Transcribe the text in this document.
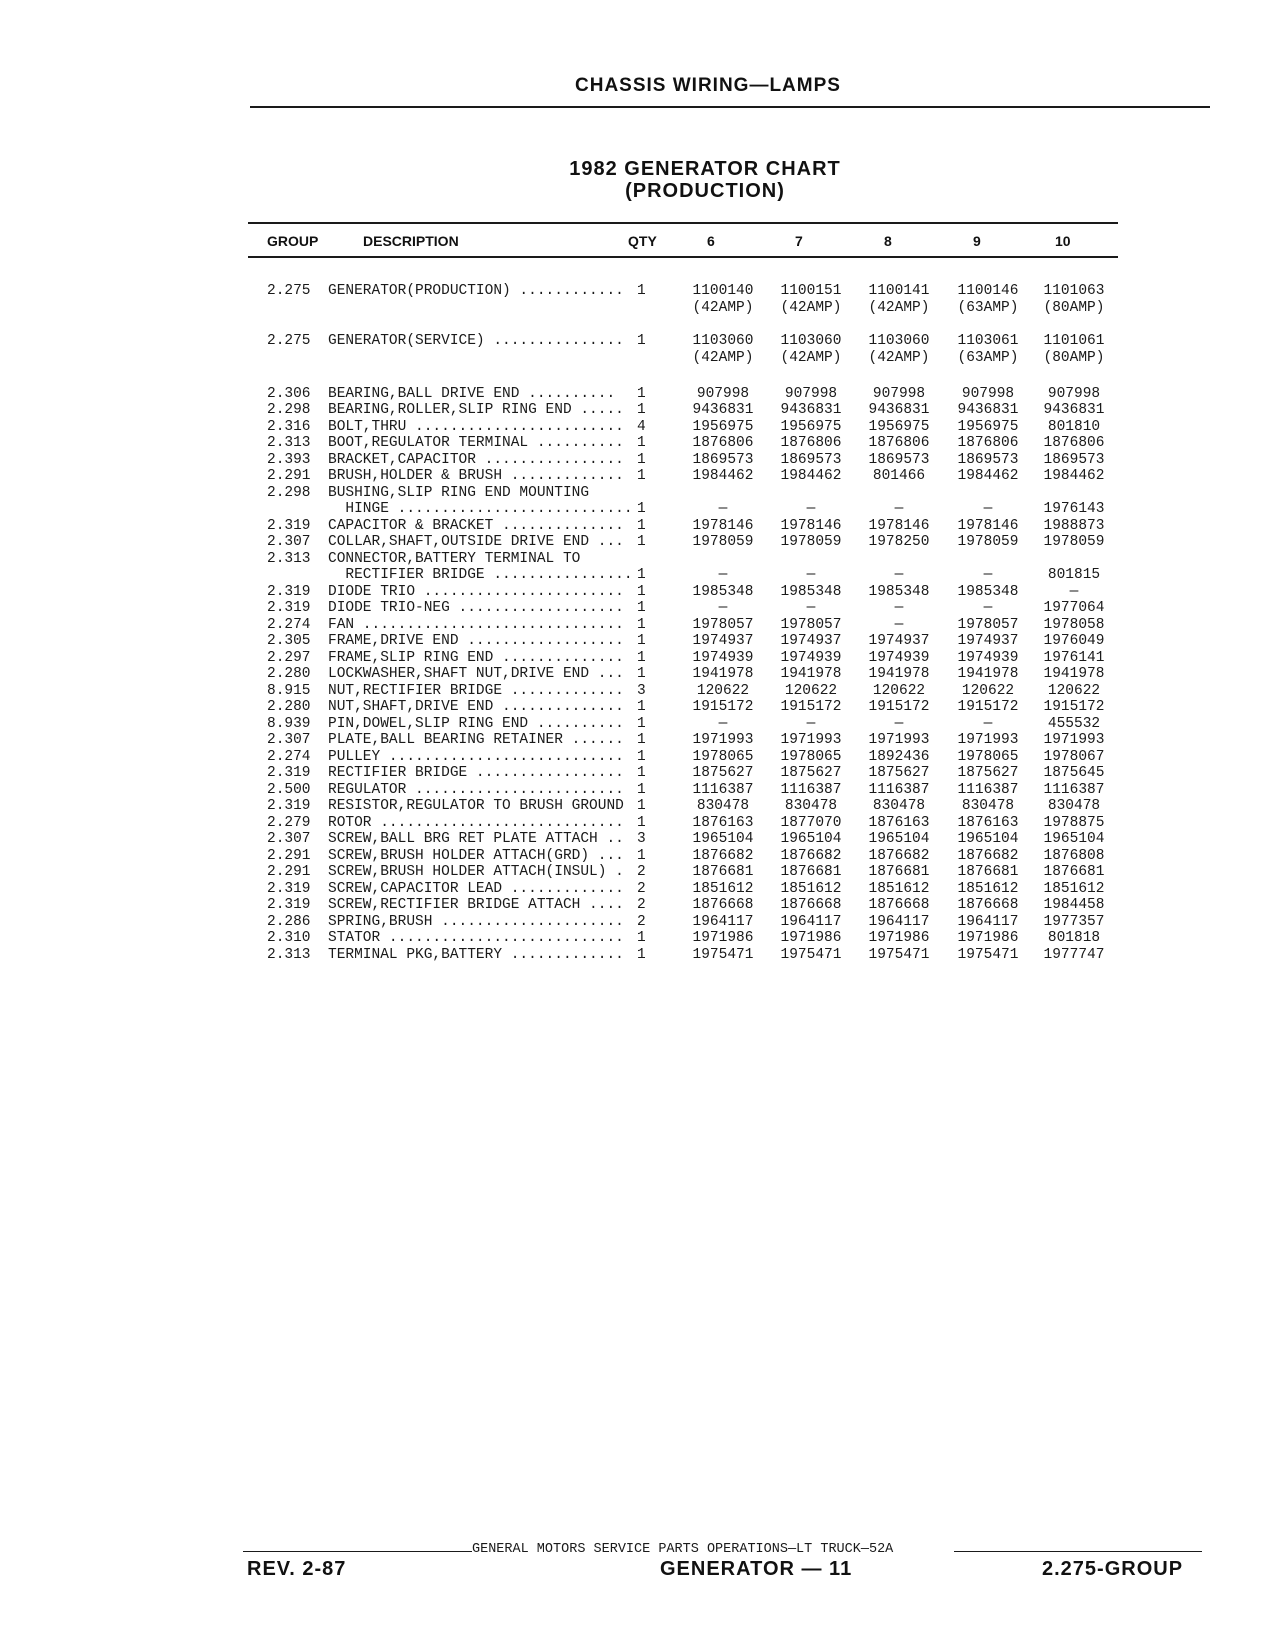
CHASSIS WIRING—LAMPS
1982 GENERATOR CHART
(PRODUCTION)
GROUP	DESCRIPTION	QTY	6	7	8	9	10
2.275 GENERATOR(PRODUCTION) ............ 1	1100140	1100151	1100141	1100146	1101063
(42AMP)	(42AMP)	(42AMP)	(63AMP)	(80AMP)
2.275 GENERATOR(SERVICE) ............... 1	1103060	1103060	1103060	1103061	1101061
(42AMP)	(42AMP)	(42AMP)	(63AMP)	(80AMP)
2.306 BEARING,BALL DRIVE END .......... 1	907998	907998	907998	907998	907998
2.298 BEARING,ROLLER,SLIP RING END ..... 1	9436831	9436831	9436831	9436831	9436831
2.316 BOLT,THRU ........................ 4	1956975	1956975	1956975	1956975	801810
2.313 BOOT,REGULATOR TERMINAL .......... 1	1876806	1876806	1876806	1876806	1876806
2.393 BRACKET,CAPACITOR ................ 1	1869573	1869573	1869573	1869573	1869573
2.291 BRUSH,HOLDER & BRUSH ............. 1	1984462	1984462	801466	1984462	1984462
2.298 BUSHING,SLIP RING END MOUNTING
HINGE ........................... 1	—	—	—	—	1976143
2.319 CAPACITOR & BRACKET .............. 1	1978146	1978146	1978146	1978146	1988873
2.307 COLLAR,SHAFT,OUTSIDE DRIVE END ... 1	1978059	1978059	1978250	1978059	1978059
2.313 CONNECTOR,BATTERY TERMINAL TO
RECTIFIER BRIDGE ................ 1	—	—	—	—	801815
2.319 DIODE TRIO ....................... 1	1985348	1985348	1985348	1985348	—
2.319 DIODE TRIO-NEG ................... 1	—	—	—	—	1977064
2.274 FAN .............................. 1	1978057	1978057	—	1978057	1978058
2.305 FRAME,DRIVE END .................. 1	1974937	1974937	1974937	1974937	1976049
2.297 FRAME,SLIP RING END .............. 1	1974939	1974939	1974939	1974939	1976141
2.280 LOCKWASHER,SHAFT NUT,DRIVE END ... 1	1941978	1941978	1941978	1941978	1941978
8.915 NUT,RECTIFIER BRIDGE ............. 3	120622	120622	120622	120622	120622
2.280 NUT,SHAFT,DRIVE END .............. 1	1915172	1915172	1915172	1915172	1915172
8.939 PIN,DOWEL,SLIP RING END .......... 1	—	—	—	—	455532
2.307 PLATE,BALL BEARING RETAINER ...... 1	1971993	1971993	1971993	1971993	1971993
2.274 PULLEY ........................... 1	1978065	1978065	1892436	1978065	1978067
2.319 RECTIFIER BRIDGE ................. 1	1875627	1875627	1875627	1875627	1875645
2.500 REGULATOR ........................ 1	1116387	1116387	1116387	1116387	1116387
2.319 RESISTOR,REGULATOR TO BRUSH GROUND 1	830478	830478	830478	830478	830478
2.279 ROTOR ............................ 1	1876163	1877070	1876163	1876163	1978875
2.307 SCREW,BALL BRG RET PLATE ATTACH .. 3	1965104	1965104	1965104	1965104	1965104
2.291 SCREW,BRUSH HOLDER ATTACH(GRD) ... 1	1876682	1876682	1876682	1876682	1876808
2.291 SCREW,BRUSH HOLDER ATTACH(INSUL) . 2	1876681	1876681	1876681	1876681	1876681
2.319 SCREW,CAPACITOR LEAD ............. 2	1851612	1851612	1851612	1851612	1851612
2.319 SCREW,RECTIFIER BRIDGE ATTACH .... 2	1876668	1876668	1876668	1876668	1984458
2.286 SPRING,BRUSH ..................... 2	1964117	1964117	1964117	1964117	1977357
2.310 STATOR ........................... 1	1971986	1971986	1971986	1971986	801818
2.313 TERMINAL PKG,BATTERY ............. 1	1975471	1975471	1975471	1975471	1977747
GENERAL MOTORS SERVICE PARTS OPERATIONS—LT TRUCK—52A
REV. 2-87	GENERATOR — 11	2.275-GROUP
